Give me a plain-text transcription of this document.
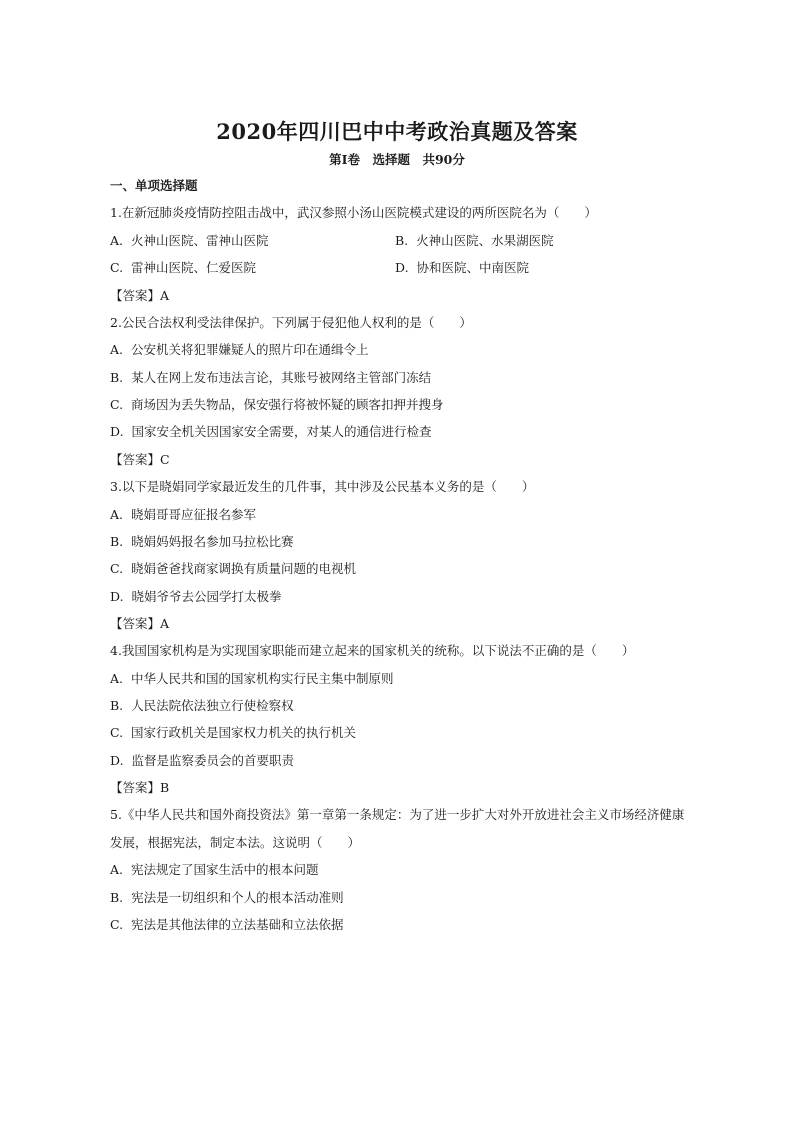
2020年四川巴中中考政治真题及答案
第Ⅰ卷　选择题　共90分
一、单项选择题
1.在新冠肺炎疫情防控阻击战中，武汉参照小汤山医院模式建设的两所医院名为（　　）
A.  火神山医院、雷神山医院	B.  火神山医院、水果湖医院
C.  雷神山医院、仁爱医院	D.  协和医院、中南医院
【答案】A
2.公民合法权利受法律保护。下列属于侵犯他人权利的是（　　）
A.  公安机关将犯罪嫌疑人的照片印在通缉令上
B.  某人在网上发布违法言论，其账号被网络主管部门冻结
C.  商场因为丢失物品，保安强行将被怀疑的顾客扣押并搜身
D.  国家安全机关因国家安全需要，对某人的通信进行检查
【答案】C
3.以下是晓娟同学家最近发生的几件事，其中涉及公民基本义务的是（　　）
A.  晓娟哥哥应征报名参军
B.  晓娟妈妈报名参加马拉松比赛
C.  晓娟爸爸找商家调换有质量问题的电视机
D.  晓娟爷爷去公园学打太极拳
【答案】A
4.我国国家机构是为实现国家职能而建立起来的国家机关的统称。以下说法不正确的是（　　）
A.  中华人民共和国的国家机构实行民主集中制原则
B.  人民法院依法独立行使检察权
C.  国家行政机关是国家权力机关的执行机关
D.  监督是监察委员会的首要职责
【答案】B
5.《中华人民共和国外商投资法》第一章第一条规定：为了进一步扩大对外开放进社会主义市场经济健康
发展，根据宪法，制定本法。这说明（　　）
A.  宪法规定了国家生活中的根本问题
B.  宪法是一切组织和个人的根本活动准则
C.  宪法是其他法律的立法基础和立法依据
